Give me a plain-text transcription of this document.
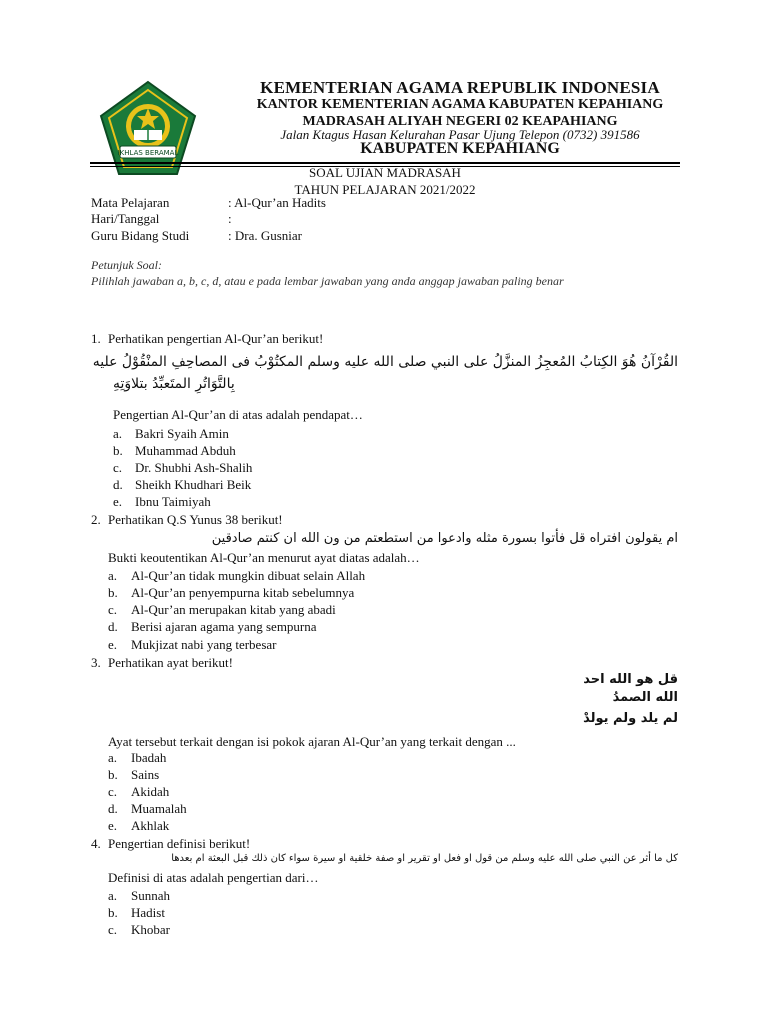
IKHLAS BERAMAL
KEMENTERIAN AGAMA REPUBLIK INDONESIA
KANTOR KEMENTERIAN AGAMA KABUPATEN KEPAHIANG
MADRASAH ALIYAH NEGERI 02 KEAPAHIANG
Jalan Ktagus Hasan Kelurahan Pasar Ujung Telepon (0732) 391586
KABUPATEN KEPAHIANG
SOAL UJIAN MADRASAH
TAHUN PELAJARAN 2021/2022
Mata Pelajaran	: Al-Qur’an Hadits
Hari/Tanggal	:
Guru Bidang Studi	: Dra. Gusniar
Petunjuk Soal:
Pilihlah jawaban a, b, c, d, atau e pada lembar jawaban yang anda anggap jawaban paling benar
1. Perhatikan pengertian Al-Qur’an berikut!
القُرْآنُ هُوَ الكِتابُ المُعجِزُ المنزَّلُ على النبي صلى الله عليه وسلم المكتُوْبُ فى المصاحِفِ المنْقُوْلُ عليه
بِالتَّوَاتُرِ المتَعبِّدُ بتلاوَتِهِ
Pengertian Al-Qur’an di atas adalah pendapat…
a. Bakri Syaih Amin
b. Muhammad Abduh
c. Dr. Shubhi Ash-Shalih
d. Sheikh Khudhari Beik
e. Ibnu Taimiyah
2. Perhatikan Q.S Yunus 38 berikut!
ام يقولون افتراه قل فأتوا بسورة مثله وادعوا من استطعتم من ون الله ان كنتم صادقين
Bukti keoutentikan Al-Qur’an menurut ayat diatas adalah…
a. Al-Qur’an tidak mungkin dibuat selain Allah
b. Al-Qur’an penyempurna kitab sebelumnya
c. Al-Qur’an merupakan kitab yang abadi
d. Berisi ajaran agama yang sempurna
e. Mukjizat nabi yang terbesar
3. Perhatikan ayat berikut!
قل هو الله احد
الله الصمدُ
لم يلد ولم يولدْ
Ayat tersebut terkait dengan isi pokok ajaran Al-Qur’an yang terkait dengan ...
a. Ibadah
b. Sains
c. Akidah
d. Muamalah
e. Akhlak
4. Pengertian definisi berikut!
كل ما أثر عن النبي صلى الله عليه وسلم من قول او فعل او تقرير او صفة خلقية او سيرة سواء كان ذلك قبل البعثة ام بعدها
Definisi di atas adalah pengertian dari…
a. Sunnah
b. Hadist
c. Khobar
